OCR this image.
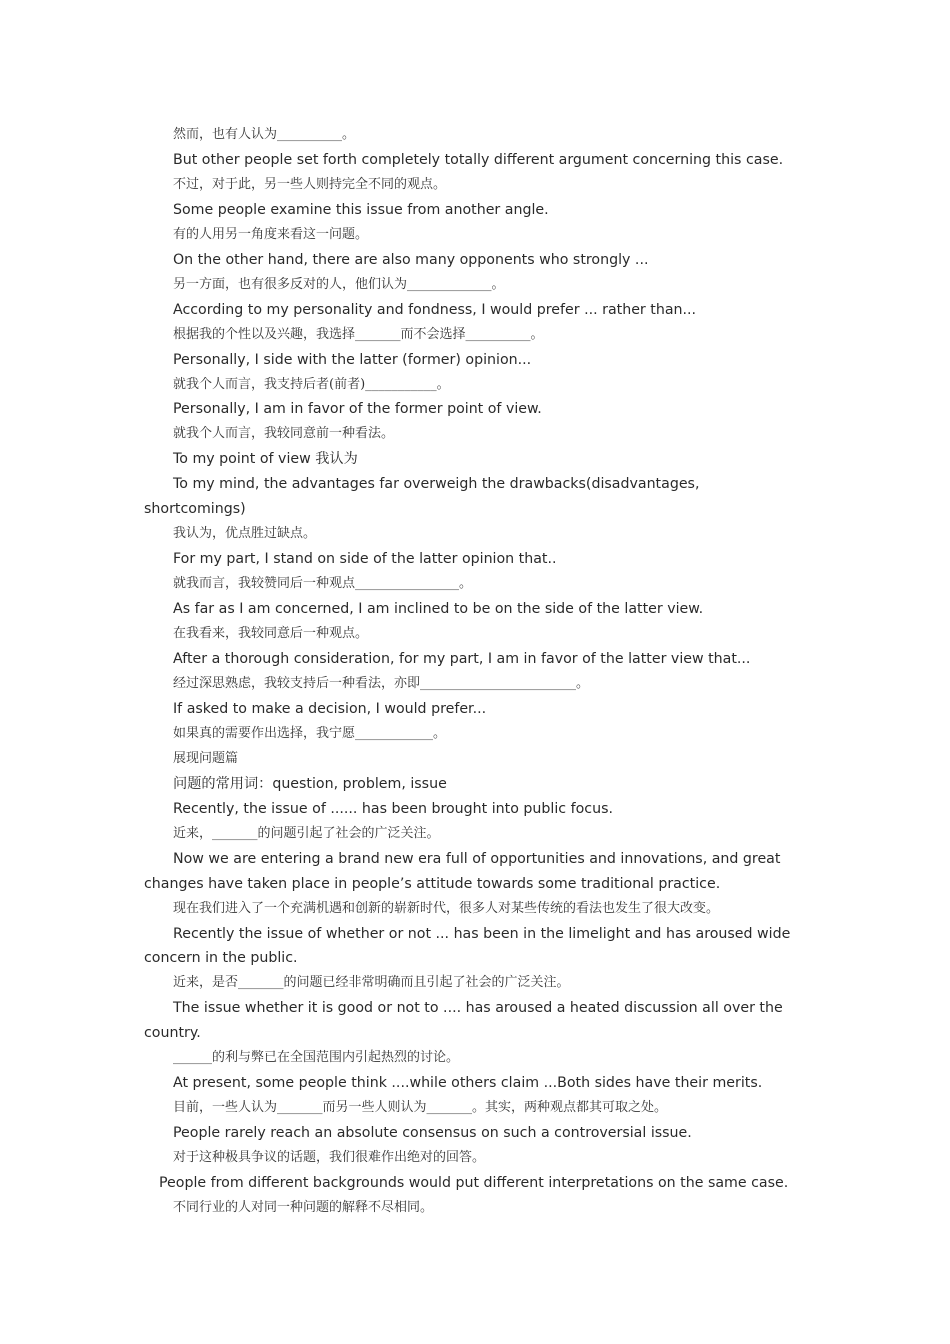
然而，也有人认为__________。
But other people set forth completely totally different argument concerning this case.
不过，对于此，另一些人则持完全不同的观点。
Some people examine this issue from another angle.
有的人用另一角度来看这一问题。
On the other hand, there are also many opponents who strongly ...
另一方面，也有很多反对的人，他们认为_____________。
According to my personality and fondness, I would prefer ... rather than...
根据我的个性以及兴趣，我选择_______而不会选择__________。
Personally, I side with the latter (former) opinion...
就我个人而言，我支持后者(前者)___________。
Personally, I am in favor of the former point of view.
就我个人而言，我较同意前一种看法。
To my point of view 我认为
To my mind, the advantages far overweigh the drawbacks(disadvantages, shortcomings)
我认为，优点胜过缺点。
For my part, I stand on side of the latter opinion that..
就我而言，我较赞同后一种观点________________。
As far as I am concerned, I am inclined to be on the side of the latter view.
在我看来，我较同意后一种观点。
After a thorough consideration, for my part, I am in favor of the latter view that...
经过深思熟虑，我较支持后一种看法，亦即________________________。
If asked to make a decision, I would prefer...
如果真的需要作出选择，我宁愿____________。
展现问题篇
问题的常用词：question, problem, issue
Recently, the issue of ...... has been brought into public focus.
近来，_______的问题引起了社会的广泛关注。
Now we are entering a brand new era full of opportunities and innovations, and great changes have taken place in people’s attitude towards some traditional practice.
现在我们进入了一个充满机遇和创新的崭新时代，很多人对某些传统的看法也发生了很大改变。
Recently the issue of whether or not ... has been in the limelight and has aroused wide concern in the public.
近来，是否_______的问题已经非常明确而且引起了社会的广泛关注。
The issue whether it is good or not to .... has aroused a heated discussion all over the country.
______的利与弊已在全国范围内引起热烈的讨论。
At present, some people think ....while others claim ...Both sides have their merits.
目前，一些人认为_______而另一些人则认为_______。其实，两种观点都其可取之处。
People rarely reach an absolute consensus on such a controversial issue.
对于这种极具争议的话题，我们很难作出绝对的回答。
People from different backgrounds would put different interpretations on the same case.
不同行业的人对同一种问题的解释不尽相同。
